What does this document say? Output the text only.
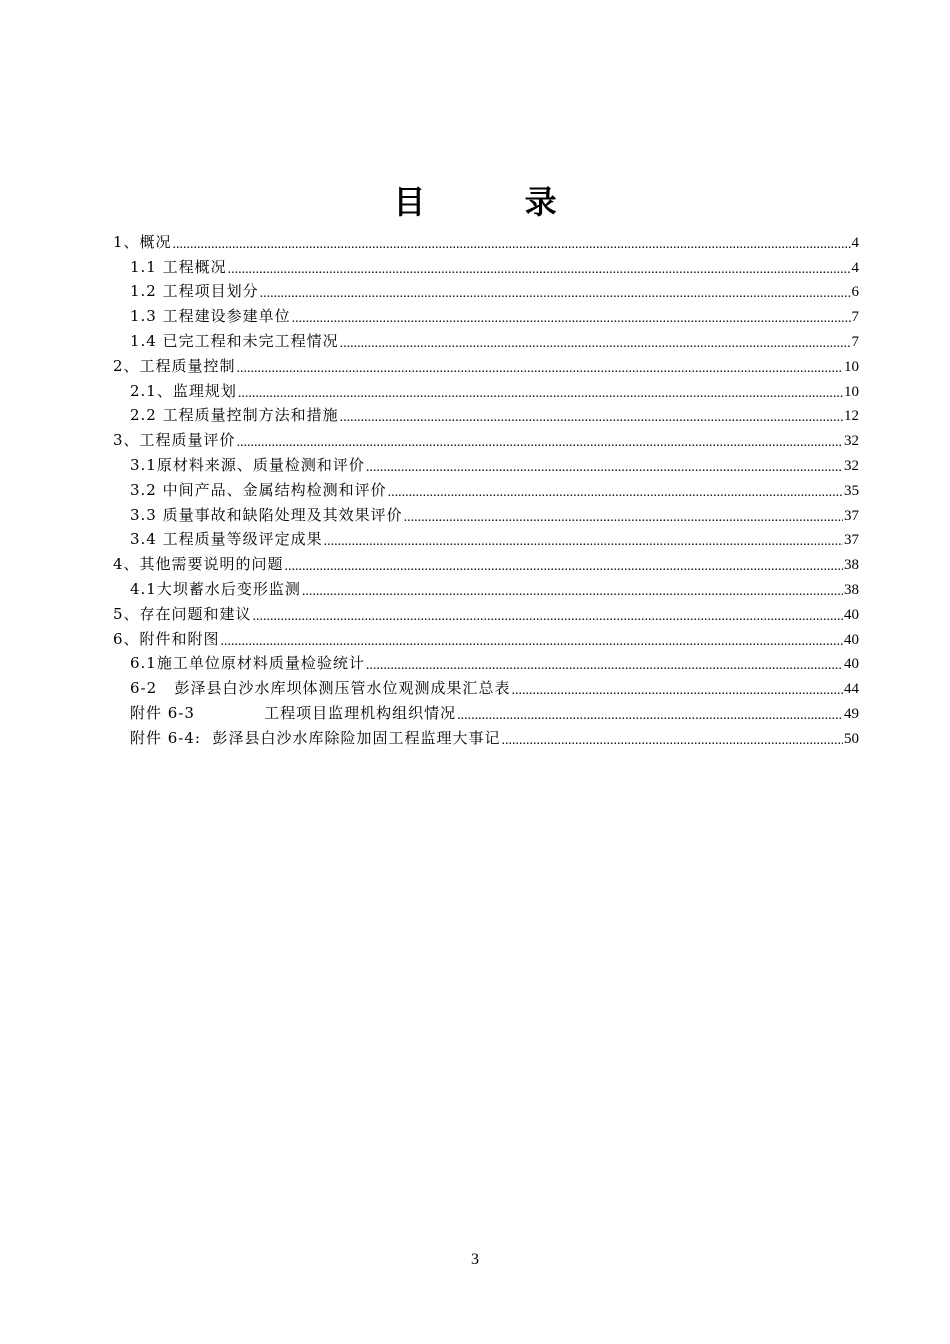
目 录
1、概况 .....	4
1.1 工程概况 .....	4
1.2 工程项目划分 .....	6
1.3 工程建设参建单位 .....	7
1.4 已完工程和未完工程情况 .....	7
2、工程质量控制 .....	10
2.1、监理规划 .....	10
2.2 工程质量控制方法和措施 .....	12
3、工程质量评价 .....	32
3.1原材料来源、质量检测和评价 .....	32
3.2 中间产品、金属结构检测和评价 .....	35
3.3 质量事故和缺陷处理及其效果评价 .....	37
3.4 工程质量等级评定成果 .....	37
4、其他需要说明的问题 .....	38
4.1大坝蓄水后变形监测 .....	38
5、存在问题和建议 .....	40
6、附件和附图 .....	40
6.1施工单位原材料质量检验统计 .....	40
6-2   彭泽县白沙水库坝体测压管水位观测成果汇总表 .....	44
附件 6-3            工程项目监理机构组织情况 .....	49
附件 6-4:  彭泽县白沙水库除险加固工程监理大事记 .....	50
3
